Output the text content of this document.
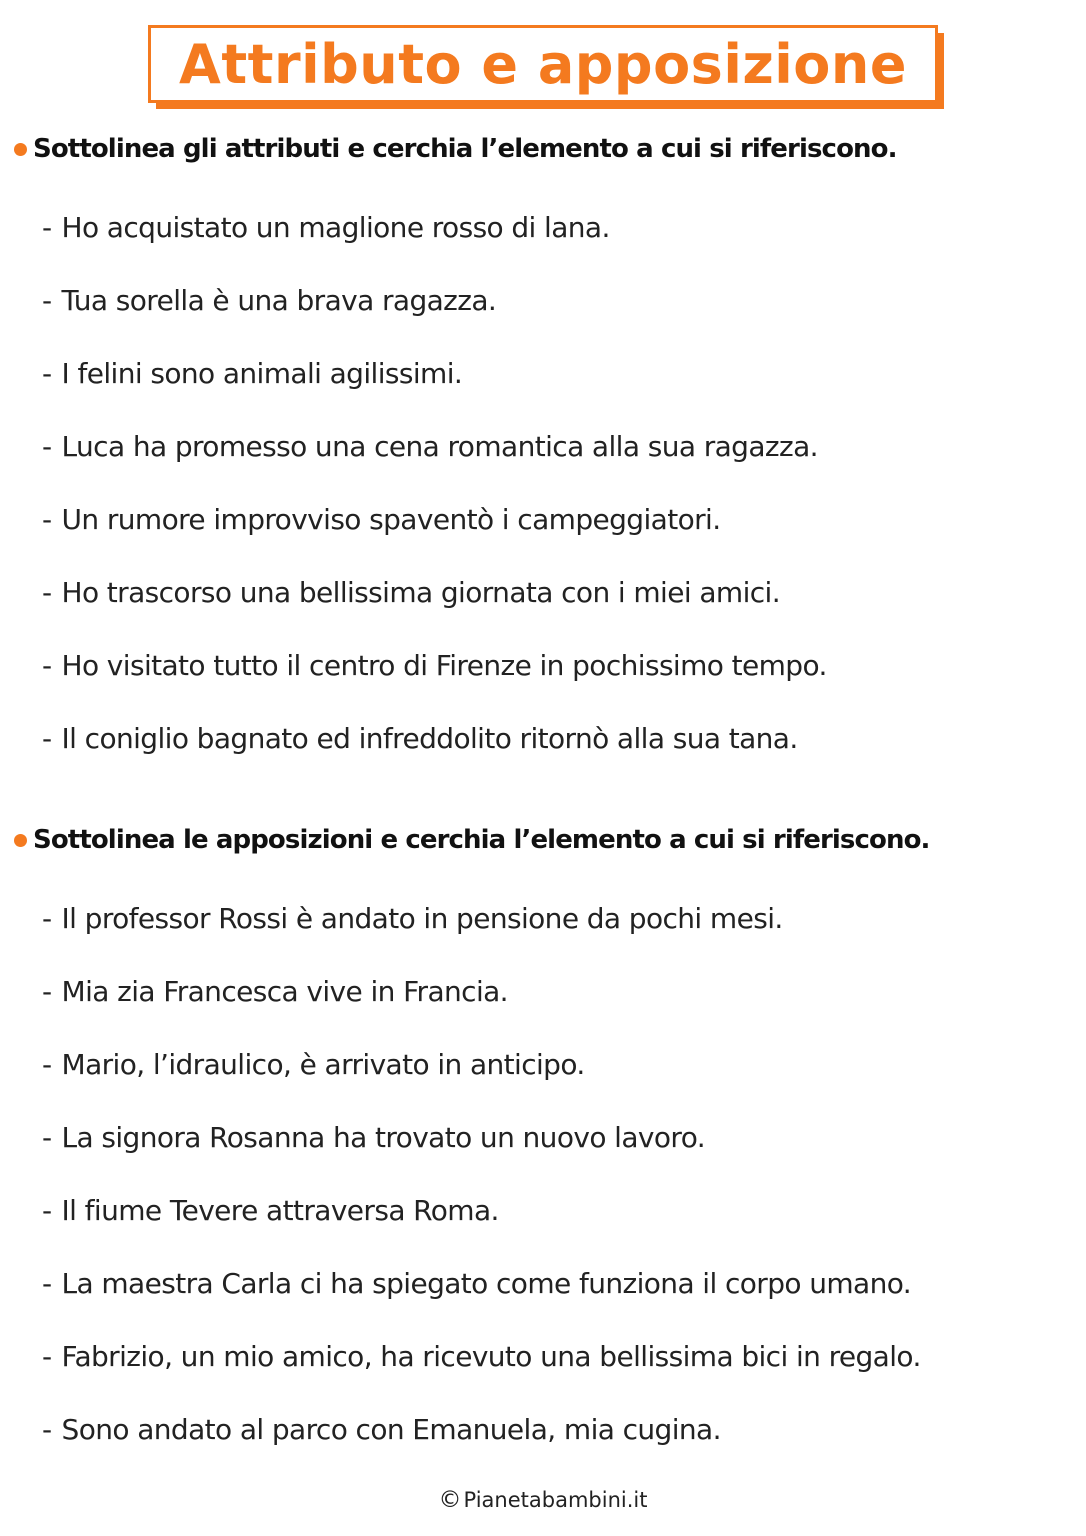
Attributo e apposizione
Sottolinea gli attributi e cerchia l’elemento a cui si riferiscono.
- Ho acquistato un maglione rosso di lana.
- Tua sorella è una brava ragazza.
- I felini sono animali agilissimi.
- Luca ha promesso una cena romantica alla sua ragazza.
- Un rumore improvviso spaventò i campeggiatori.
- Ho trascorso una bellissima giornata con i miei amici.
- Ho visitato tutto il centro di Firenze in pochissimo tempo.
- Il coniglio bagnato ed infreddolito ritornò alla sua tana.
Sottolinea le apposizioni e cerchia l’elemento a cui si riferiscono.
- Il professor Rossi è andato in pensione da pochi mesi.
- Mia zia Francesca vive in Francia.
- Mario, l’idraulico, è arrivato in anticipo.
- La signora Rosanna ha trovato un nuovo lavoro.
- Il fiume Tevere attraversa Roma.
- La maestra Carla ci ha spiegato come funziona il corpo umano.
- Fabrizio, un mio amico, ha ricevuto una bellissima bici in regalo.
- Sono andato al parco con Emanuela, mia cugina.
©Pianetabambini.it
